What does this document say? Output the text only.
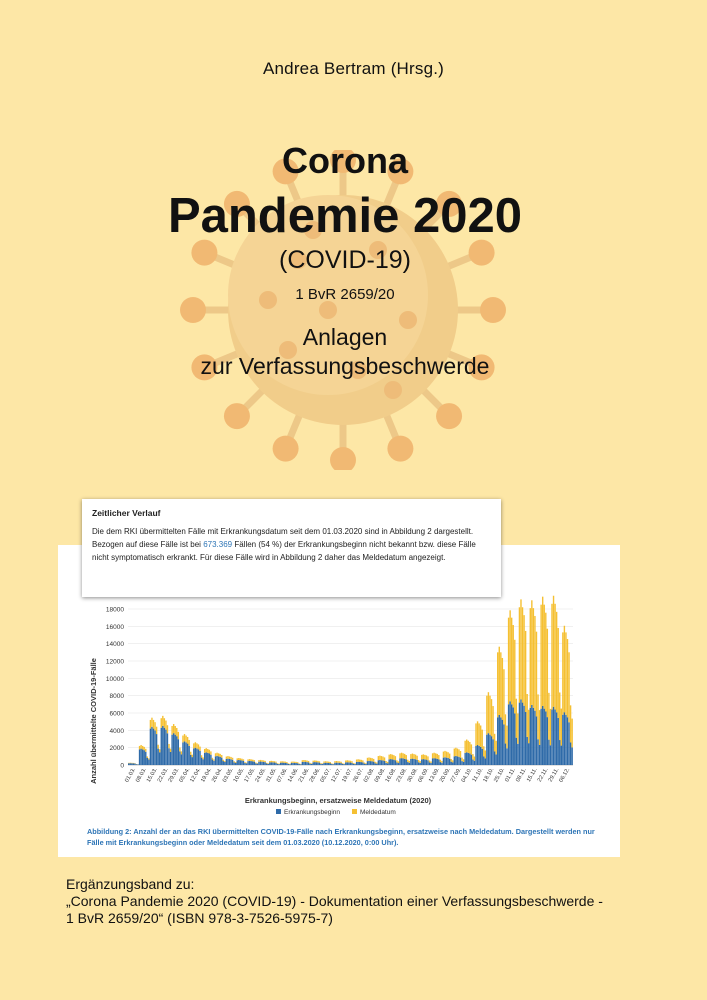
Andrea Bertram (Hrsg.)
Corona
Pandemie 2020
(COVID-19)
1 BvR 2659/20
Anlagen
zur Verfassungsbeschwerde
0
2000
4000
6000
8000
10000
12000
14000
16000
18000
01.03.
08.03.
15.03.
22.03.
29.03.
05.04.
12.04.
19.04.
26.04.
03.05.
10.05.
17.05.
24.05.
31.05.
07.06.
14.06.
21.06.
28.06.
05.07.
12.07.
19.07.
26.07.
02.08.
09.08.
16.08.
23.08.
30.08.
06.09.
13.09.
20.09.
27.09.
04.10.
11.10.
18.10.
25.10.
01.11.
08.11.
15.11.
22.11.
29.11.
06.12.
Anzahl übermittelte COVID-19-Fälle
Erkrankungsbeginn, ersatzweise Meldedatum (2020)
Erkrankungsbeginn	Meldedatum
Abbildung 2: Anzahl der an das RKI übermittelten COVID-19-Fälle nach Erkrankungsbeginn, ersatzweise nach Meldedatum. Dargestellt werden nur Fälle mit Erkrankungsbeginn oder Meldedatum seit dem 01.03.2020 (10.12.2020, 0:00 Uhr).
Zeitlicher Verlauf
Die dem RKI übermittelten Fälle mit Erkrankungsdatum seit dem 01.03.2020 sind in Abbildung 2 dargestellt. Bezogen auf diese Fälle ist bei 673.369 Fällen (54 %) der Erkrankungsbeginn nicht bekannt bzw. diese Fälle nicht symptomatisch erkrankt. Für diese Fälle wird in Abbildung 2 daher das Meldedatum angezeigt.
Ergänzungsband zu:
„Corona Pandemie 2020 (COVID-19) - Dokumentation einer Verfassungsbeschwerde -
1 BvR 2659/20“ (ISBN 978-3-7526-5975-7)
